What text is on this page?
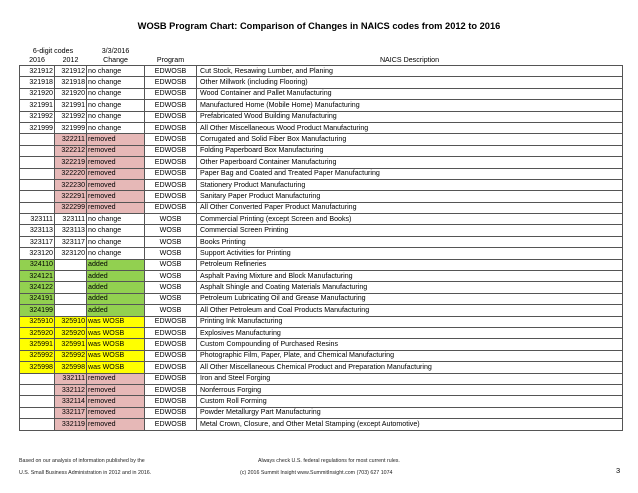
WOSB Program Chart: Comparison of Changes in NAICS codes from 2012 to 2016
6-digit codes		3/3/2016		
2016	2012	Change	Program	NAICS Description
321912	321912	no change	EDWOSB	Cut Stock, Resawing Lumber, and Planing
321918	321918	no change	EDWOSB	Other Millwork (including Flooring)
321920	321920	no change	EDWOSB	Wood Container and Pallet Manufacturing
321991	321991	no change	EDWOSB	Manufactured Home (Mobile Home) Manufacturing
321992	321992	no change	EDWOSB	Prefabricated Wood Building Manufacturing
321999	321999	no change	EDWOSB	All Other Miscellaneous Wood Product Manufacturing
	322211	removed	EDWOSB	Corrugated and Solid Fiber Box Manufacturing
	322212	removed	EDWOSB	Folding Paperboard Box Manufacturing
	322219	removed	EDWOSB	Other Paperboard Container Manufacturing
	322220	removed	EDWOSB	Paper Bag and Coated and Treated Paper Manufacturing
	322230	removed	EDWOSB	Stationery Product Manufacturing
	322291	removed	EDWOSB	Sanitary Paper Product Manufacturing
	322299	removed	EDWOSB	All Other Converted Paper Product Manufacturing
323111	323111	no change	WOSB	Commercial Printing (except Screen and Books)
323113	323113	no change	WOSB	Commercial Screen Printing
323117	323117	no change	WOSB	Books Printing
323120	323120	no change	WOSB	Support Activities for Printing
324110		added	WOSB	Petroleum Refineries
324121		added	WOSB	Asphalt Paving Mixture and Block Manufacturing
324122		added	WOSB	Asphalt Shingle and Coating Materials Manufacturing
324191		added	WOSB	Petroleum Lubricating Oil and Grease Manufacturing
324199		added	WOSB	All Other Petroleum and Coal Products Manufacturing
325910	325910	was WOSB	EDWOSB	Printing Ink Manufacturing
325920	325920	was WOSB	EDWOSB	Explosives Manufacturing
325991	325991	was WOSB	EDWOSB	Custom Compounding of Purchased Resins
325992	325992	was WOSB	EDWOSB	Photographic Film, Paper, Plate, and Chemical Manufacturing
325998	325998	was WOSB	EDWOSB	All Other Miscellaneous Chemical Product and Preparation Manufacturing
	332111	removed	EDWOSB	Iron and Steel Forging
	332112	removed	EDWOSB	Nonferrous Forging
	332114	removed	EDWOSB	Custom Roll Forming
	332117	removed	EDWOSB	Powder Metallurgy Part Manufacturing
	332119	removed	EDWOSB	Metal Crown, Closure, and Other Metal Stamping (except Automotive)
Based on our analysis of information published by the
U.S. Small Business Administration in 2012 and in 2016.
Always check U.S. federal regulations for most current rules.
(c) 2016 Summit Insight www.SummitInsight.com (703) 627 1074	3
